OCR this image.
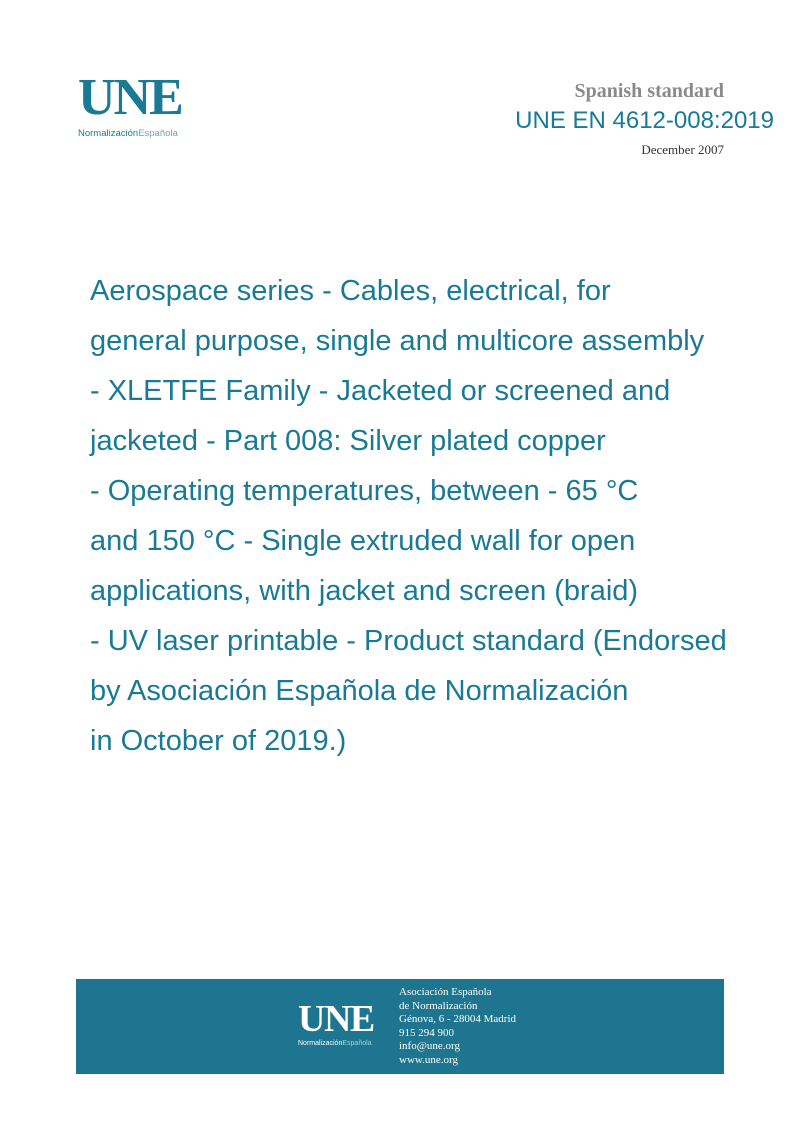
UNE
NormalizaciónEspañola
Spanish standard
UNE EN 4612-008:2019
December 2007
Aerospace series - Cables, electrical, for
general purpose, single and multicore assembly
- XLETFE Family - Jacketed or screened and
jacketed - Part 008: Silver plated copper
- Operating temperatures, between - 65 °C
and 150 °C - Single extruded wall for open
applications, with jacket and screen (braid)
- UV laser printable - Product standard (Endorsed
by Asociación Española de Normalización
in October of 2019.)
UNE
NormalizaciónEspañola
Asociación Española
de Normalización
Génova, 6 - 28004 Madrid
915 294 900
info@une.org
www.une.org
